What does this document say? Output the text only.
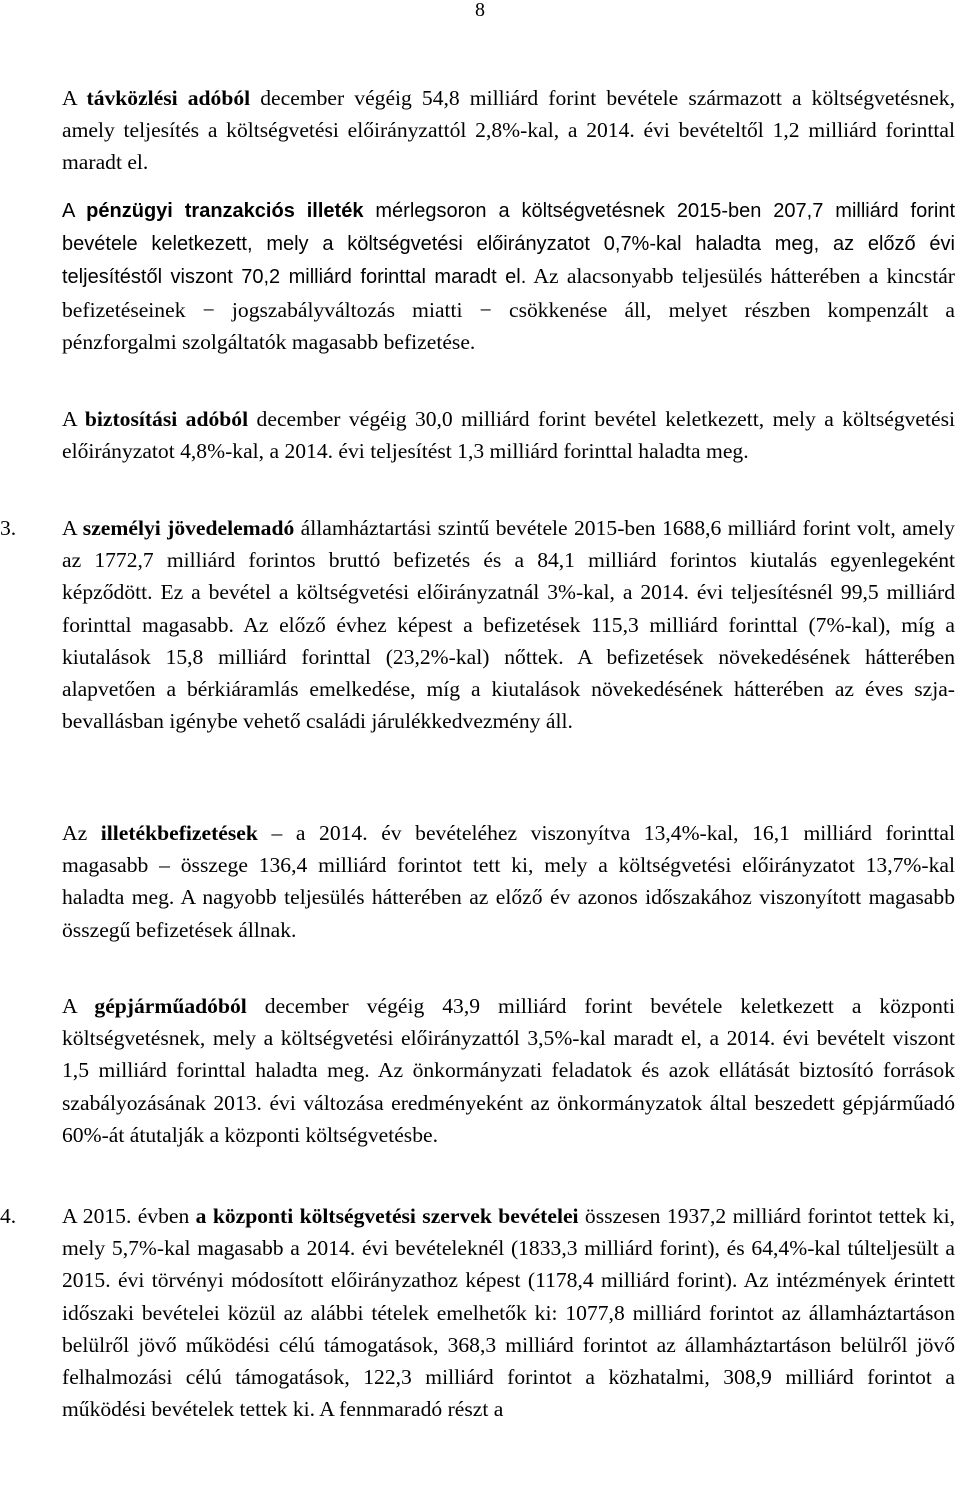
8

A távközlési adóból december végéig 54,8 milliárd forint bevétele származott a költségvetésnek, amely teljesítés a költségvetési előirányzattól 2,8%-kal, a 2014. évi bevételtől 1,2 milliárd forinttal maradt el.

A pénzügyi tranzakciós illeték mérlegsoron a költségvetésnek 2015-ben 207,7 milliárd forint bevétele keletkezett, mely a költségvetési előirányzatot 0,7%-kal haladta meg, az előző évi teljesítéstől viszont 70,2 milliárd forinttal maradt el. Az alacsonyabb teljesülés hátterében a kincstár befizetéseinek − jogszabályváltozás miatti − csökkenése áll, melyet részben kompenzált a pénzforgalmi szolgáltatók magasabb befizetése.

A biztosítási adóból december végéig 30,0 milliárd forint bevétel keletkezett, mely a költségvetési előirányzatot 4,8%-kal, a 2014. évi teljesítést 1,3 milliárd forinttal haladta meg.

3. A személyi jövedelemadó államháztartási szintű bevétele 2015-ben 1688,6 milliárd forint volt, amely az 1772,7 milliárd forintos bruttó befizetés és a 84,1 milliárd forintos kiutalás egyenlegeként képződött. Ez a bevétel a költségvetési előirányzatnál 3%-kal, a 2014. évi teljesítésnél 99,5 milliárd forinttal magasabb. Az előző évhez képest a befizetések 115,3 milliárd forinttal (7%-kal), míg a kiutalások 15,8 milliárd forinttal (23,2%-kal) nőttek. A befizetések növekedésének hátterében alapvetően a bérkiáramlás emelkedése, míg a kiutalások növekedésének hátterében az éves szja-bevallásban igénybe vehető családi járulékkedvezmény áll.

Az illetékbefizetések – a 2014. év bevételéhez viszonyítva 13,4%-kal, 16,1 milliárd forinttal magasabb – összege 136,4 milliárd forintot tett ki, mely a költségvetési előirányzatot 13,7%-kal haladta meg. A nagyobb teljesülés hátterében az előző év azonos időszakához viszonyított magasabb összegű befizetések állnak.

A gépjárműadóból december végéig 43,9 milliárd forint bevétele keletkezett a központi költségvetésnek, mely a költségvetési előirányzattól 3,5%-kal maradt el, a 2014. évi bevételt viszont 1,5 milliárd forinttal haladta meg. Az önkormányzati feladatok és azok ellátását biztosító források szabályozásának 2013. évi változása eredményeként az önkormányzatok által beszedett gépjárműadó 60%-át átutalják a központi költségvetésbe.

4. A 2015. évben a központi költségvetési szervek bevételei összesen 1937,2 milliárd forintot tettek ki, mely 5,7%-kal magasabb a 2014. évi bevételeknél (1833,3 milliárd forint), és 64,4%-kal túlteljesült a 2015. évi törvényi módosított előirányzathoz képest (1178,4 milliárd forint). Az intézmények érintett időszaki bevételei közül az alábbi tételek emelhetők ki: 1077,8 milliárd forintot az államháztartáson belülről jövő működési célú támogatások, 368,3 milliárd forintot az államháztartáson belülről jövő felhalmozási célú támogatások, 122,3 milliárd forintot a közhatalmi, 308,9 milliárd forintot a működési bevételek tettek ki. A fennmaradó részt a
